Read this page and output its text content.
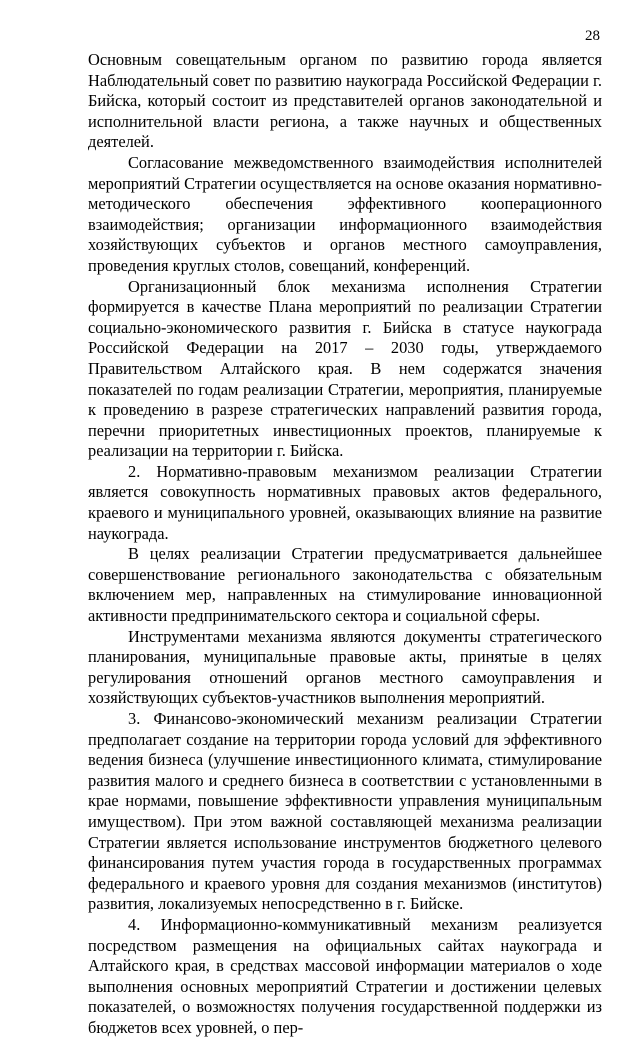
28

Основным совещательным органом по развитию города является Наблюдательный совет по развитию наукограда Российской Федерации г. Бийска, который состоит из представителей органов законодательной и исполнительной власти региона, а также научных и общественных деятелей.

Согласование межведомственного взаимодействия исполнителей мероприятий Стратегии осуществляется на основе оказания нормативно-методического обеспечения эффективного кооперационного взаимодействия; организации информационного взаимодействия хозяйствующих субъектов и органов местного самоуправления, проведения круглых столов, совещаний, конференций.

Организационный блок механизма исполнения Стратегии формируется в качестве Плана мероприятий по реализации Стратегии социально-экономического развития г. Бийска в статусе наукограда Российской Федерации на 2017 – 2030 годы, утверждаемого Правительством Алтайского края. В нем содержатся значения показателей по годам реализации Стратегии, мероприятия, планируемые к проведению в разрезе стратегических направлений развития города, перечни приоритетных инвестиционных проектов, планируемые к реализации на территории г. Бийска.

2. Нормативно-правовым механизмом реализации Стратегии является совокупность нормативных правовых актов федерального, краевого и муниципального уровней, оказывающих влияние на развитие наукограда.

В целях реализации Стратегии предусматривается дальнейшее совершенствование регионального законодательства с обязательным включением мер, направленных на стимулирование инновационной активности предпринимательского сектора и социальной сферы.

Инструментами механизма являются документы стратегического планирования, муниципальные правовые акты, принятые в целях регулирования отношений органов местного самоуправления и хозяйствующих субъектов-участников выполнения мероприятий.

3. Финансово-экономический механизм реализации Стратегии предполагает создание на территории города условий для эффективного ведения бизнеса (улучшение инвестиционного климата, стимулирование развития малого и среднего бизнеса в соответствии с установленными в крае нормами, повышение эффективности управления муниципальным имуществом). При этом важной составляющей механизма реализации Стратегии является использование инструментов бюджетного целевого финансирования путем участия города в государственных программах федерального и краевого уровня для создания механизмов (институтов) развития, локализуемых непосредственно в г. Бийске.

4. Информационно-коммуникативный механизм реализуется посредством размещения на официальных сайтах наукограда и Алтайского края, в средствах массовой информации материалов о ходе выполнения основных мероприятий Стратегии и достижении целевых показателей, о возможностях получения государственной поддержки из бюджетов всех уровней, о пер-
